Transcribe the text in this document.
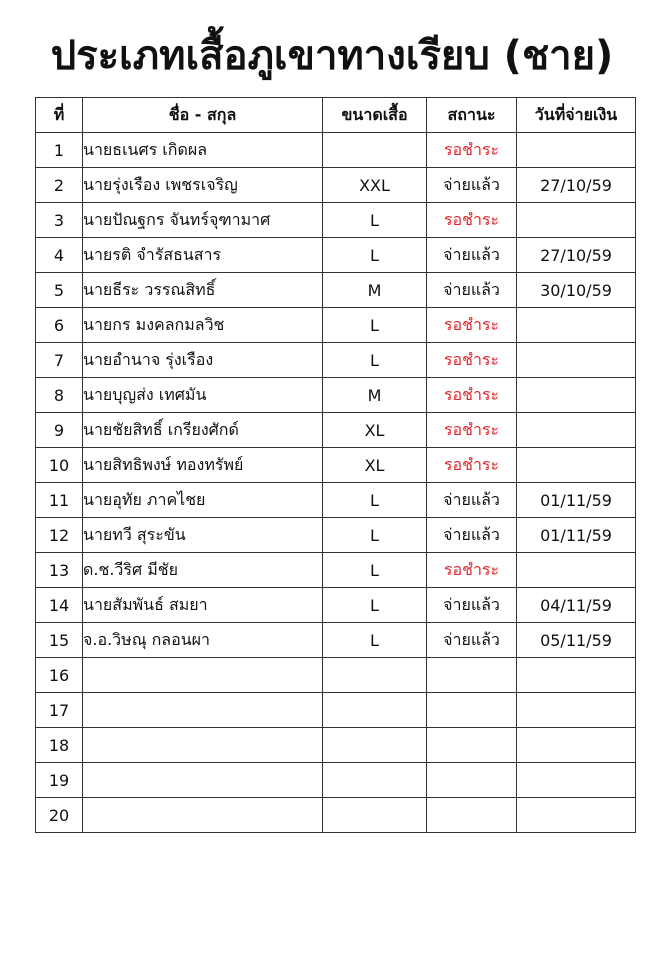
ประเภทเสื้อภูเขาทางเรียบ (ชาย)
ที่	ชื่อ - สกุล	ขนาดเสื้อ	สถานะ	วันที่จ่ายเงิน
1	นายธเนศร เกิดผล		รอชำระ	
2	นายรุ่งเรือง เพชรเจริญ	XXL	จ่ายแล้ว	27/10/59
3	นายปัณฐกร จันทร์จุฑามาศ	L	รอชำระ	
4	นายรติ จำรัสธนสาร	L	จ่ายแล้ว	27/10/59
5	นายธีระ วรรณสิทธิ์	M	จ่ายแล้ว	30/10/59
6	นายกร มงคลกมลวิช	L	รอชำระ	
7	นายอำนาจ รุ่งเรือง	L	รอชำระ	
8	นายบุญส่ง เทศมัน	M	รอชำระ	
9	นายชัยสิทธิ์ เกรียงศักด์	XL	รอชำระ	
10	นายสิทธิพงษ์ ทองทรัพย์	XL	รอชำระ	
11	นายอุทัย ภาคไชย	L	จ่ายแล้ว	01/11/59
12	นายทวี สุระขัน	L	จ่ายแล้ว	01/11/59
13	ด.ช.วีริศ มีชัย	L	รอชำระ	
14	นายสัมพันธ์ สมยา	L	จ่ายแล้ว	04/11/59
15	จ.อ.วิษณุ กลอนผา	L	จ่ายแล้ว	05/11/59
16				
17				
18				
19				
20				
